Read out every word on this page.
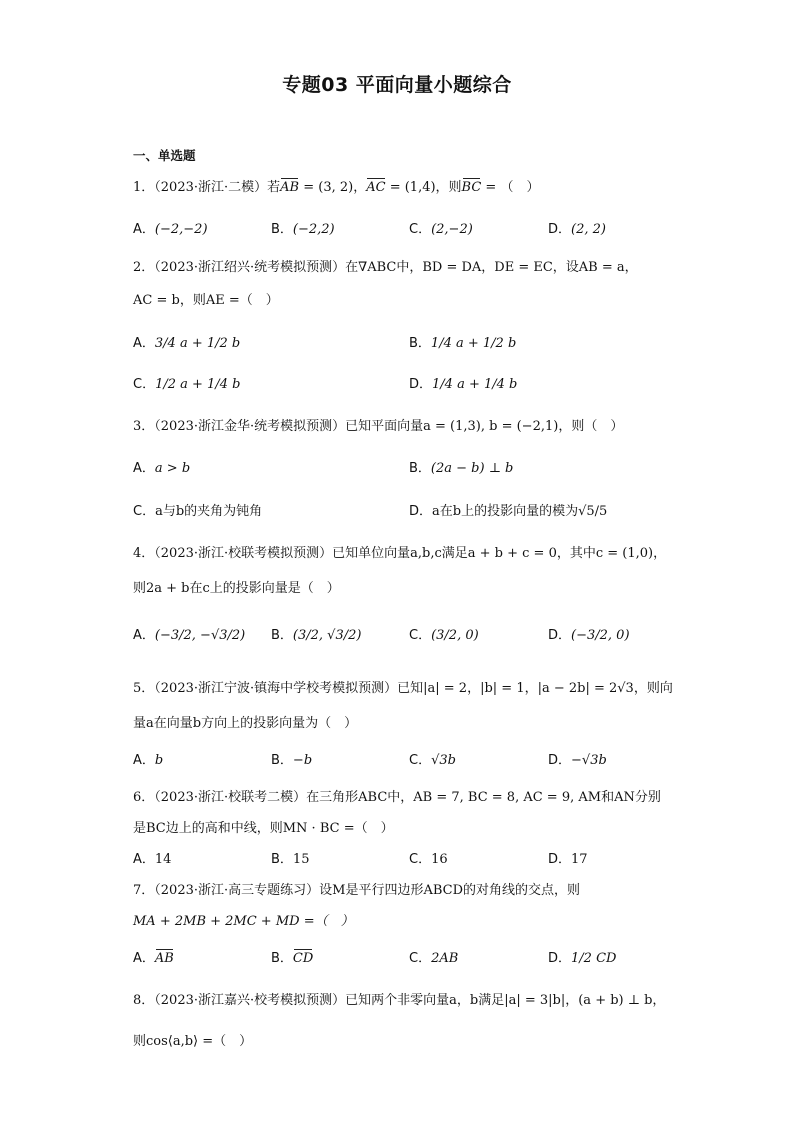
专题03 平面向量小题综合
一、单选题
1．（2023·浙江·二模）若AB = (3, 2)，AC = (1,4)，则BC = （　）
A．(−2,−2)	B．(−2,2)	C．(2,−2)	D．(2, 2)
2．（2023·浙江绍兴·统考模拟预测）在∇ABC中，BD = DA，DE = EC，设AB = a，
AC = b，则AE =（　）
A．3/4 a + 1/2 b	B．1/4 a + 1/2 b
C．1/2 a + 1/4 b	D．1/4 a + 1/4 b
3．（2023·浙江金华·统考模拟预测）已知平面向量a = (1,3), b = (−2,1)，则（　）
A．a > b	B．(2a − b) ⊥ b
C．a与b的夹角为钝角	D．a在b上的投影向量的模为√5/5
4．（2023·浙江·校联考模拟预测）已知单位向量a,b,c满足a + b + c = 0，其中c = (1,0)，
则2a + b在c上的投影向量是（　）
A．(−3/2, −√3/2) B．(3/2, √3/2)	C．(3/2, 0)	D．(−3/2, 0)
5．（2023·浙江宁波·镇海中学校考模拟预测）已知|a| = 2，|b| = 1，|a − 2b| = 2√3，则向
量a在向量b方向上的投影向量为（　）
A．b	B．−b	C．√3b	D．−√3b
6．（2023·浙江·校联考二模）在三角形ABC中，AB = 7, BC = 8, AC = 9, AM和AN分别
是BC边上的高和中线，则MN · BC =（　）
A．14	B．15	C．16	D．17
7．（2023·浙江·高三专题练习）设M是平行四边形ABCD的对角线的交点，则
MA + 2MB + 2MC + MD =（　）
A．AB	B．CD	C．2AB	D．1/2 CD
8．（2023·浙江嘉兴·校考模拟预测）已知两个非零向量a，b满足|a| = 3|b|，(a + b) ⊥ b，
则cos⟨a,b⟩ =（　）
